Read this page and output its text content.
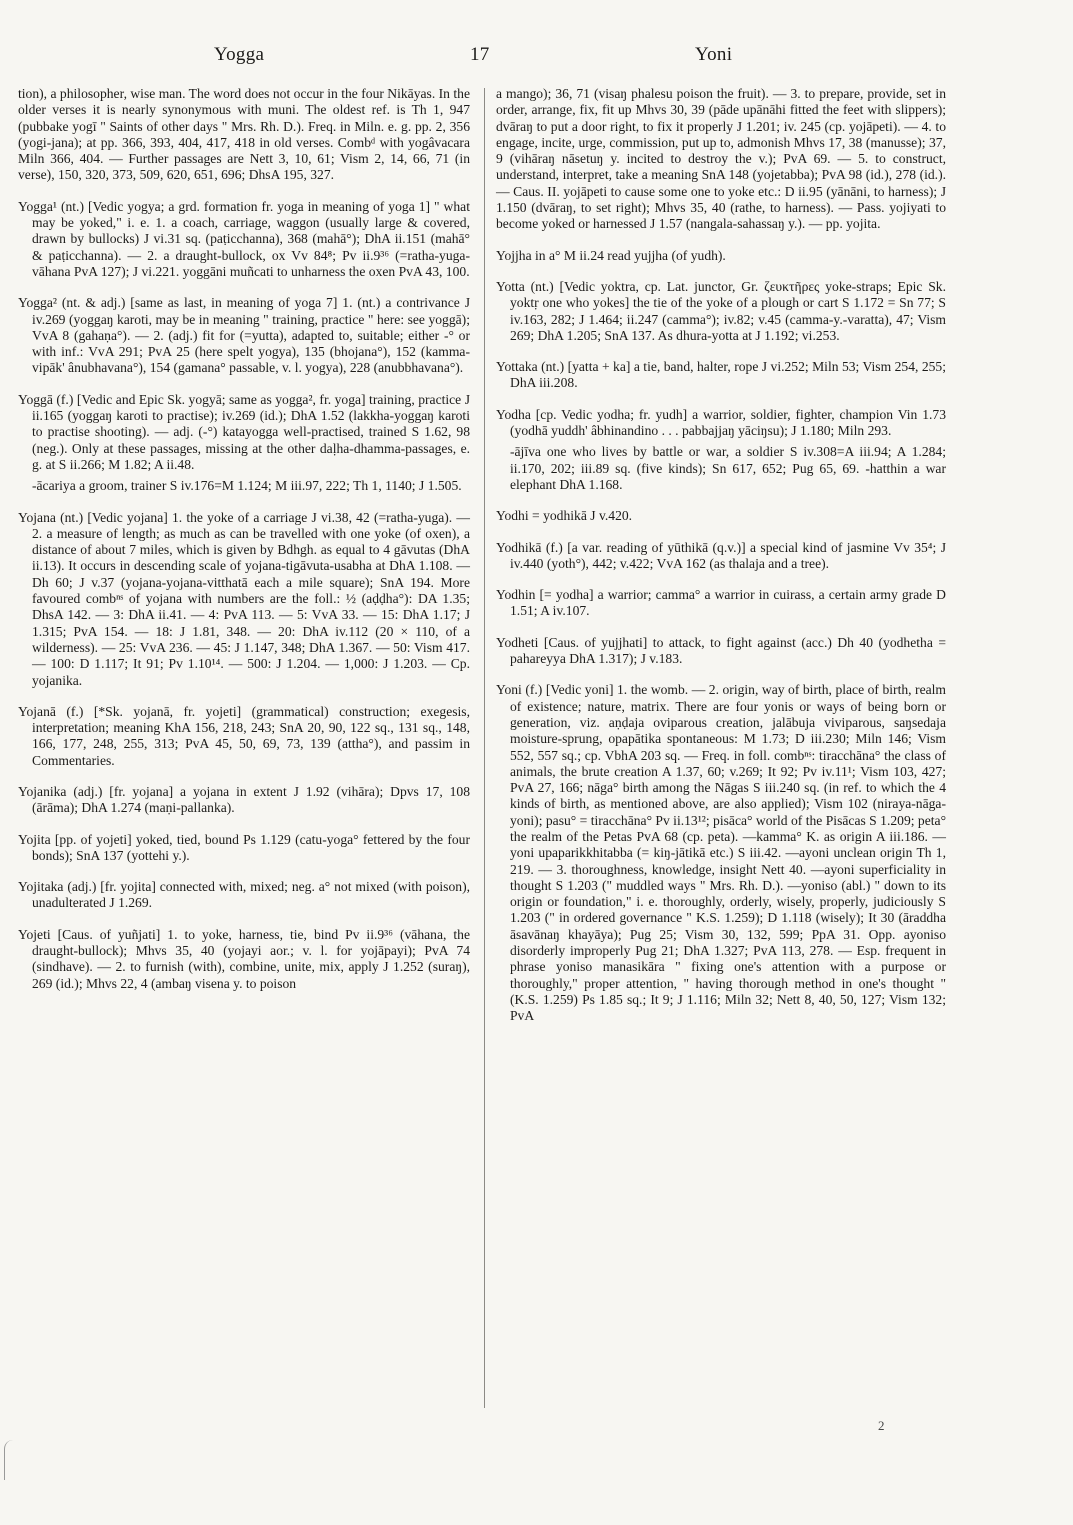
Yogga	17	Yoni

tion), a philosopher, wise man. The word does not occur in the four Nikāyas. In the older verses it is nearly synonymous with muni. The oldest ref. is Th 1, 947 (pubbake yogī " Saints of other days " Mrs. Rh. D.). Freq. in Miln. e. g. pp. 2, 356 (yogi-jana); at pp. 366, 393, 404, 417, 418 in old verses. Combᵈ with yogâvacara Miln 366, 404. — Further passages are Nett 3, 10, 61; Vism 2, 14, 66, 71 (in verse), 150, 320, 373, 509, 620, 651, 696; DhsA 195, 327.

Yogga¹ (nt.) [Vedic yogya; a grd. formation fr. yoga in meaning of yoga 1] " what may be yoked," i. e. 1. a coach, carriage, waggon (usually large & covered, drawn by bullocks) J vi.31 sq. (paṭicchanna), 368 (mahā°); DhA ii.151 (mahā° & paṭicchanna). — 2. a draught-bullock, ox Vv 84⁸; Pv ii.9³⁶ (=ratha-yuga-vāhana PvA 127); J vi.221. yoggāni muñcati to unharness the oxen PvA 43, 100.

Yogga² (nt. & adj.) [same as last, in meaning of yoga 7] 1. (nt.) a contrivance J iv.269 (yoggaŋ karoti, may be in meaning " training, practice " here: see yoggā); VvA 8 (gahaṇa°). — 2. (adj.) fit for (=yutta), adapted to, suitable; either -° or with inf.: VvA 291; PvA 25 (here spelt yogya), 135 (bhojana°), 152 (kamma-vipāk' ânubhavana°), 154 (gamana° passable, v. l. yogya), 228 (anubbhavana°).

Yoggā (f.) [Vedic and Epic Sk. yogyā; same as yogga², fr. yoga] training, practice J ii.165 (yoggaŋ karoti to practise); iv.269 (id.); DhA 1.52 (lakkha-yoggaŋ karoti to practise shooting). — adj. (-°) katayogga well-practised, trained S 1.62, 98 (neg.). Only at these passages, missing at the other daḷha-dhamma-passages, e. g. at S ii.266; M 1.82; A ii.48.

-ācariya a groom, trainer S iv.176=M 1.124; M iii.97, 222; Th 1, 1140; J 1.505.

Yojana (nt.) [Vedic yojana] 1. the yoke of a carriage J vi.38, 42 (=ratha-yuga). — 2. a measure of length; as much as can be travelled with one yoke (of oxen), a distance of about 7 miles, which is given by Bdhgh. as equal to 4 gāvutas (DhA ii.13). It occurs in descending scale of yojana-tigāvuta-usabha at DhA 1.108. — Dh 60; J v.37 (yojana-yojana-vitthatā each a mile square); SnA 194. More favoured combⁿˢ of yojana with numbers are the foll.: ½ (aḍḍha°): DA 1.35; DhsA 142. — 3: DhA ii.41. — 4: PvA 113. — 5: VvA 33. — 15: DhA 1.17; J 1.315; PvA 154. — 18: J 1.81, 348. — 20: DhA iv.112 (20 × 110, of a wilderness). — 25: VvA 236. — 45: J 1.147, 348; DhA 1.367. — 50: Vism 417. — 100: D 1.117; It 91; Pv 1.10¹⁴. — 500: J 1.204. — 1,000: J 1.203. — Cp. yojanika.

Yojanā (f.) [*Sk. yojanā, fr. yojeti] (grammatical) construction; exegesis, interpretation; meaning KhA 156, 218, 243; SnA 20, 90, 122 sq., 131 sq., 148, 166, 177, 248, 255, 313; PvA 45, 50, 69, 73, 139 (attha°), and passim in Commentaries.

Yojanika (adj.) [fr. yojana] a yojana in extent J 1.92 (vihāra); Dpvs 17, 108 (ārāma); DhA 1.274 (maṇi-pallanka).

Yojita [pp. of yojeti] yoked, tied, bound Ps 1.129 (catu-yoga° fettered by the four bonds); SnA 137 (yottehi y.).

Yojitaka (adj.) [fr. yojita] connected with, mixed; neg. a° not mixed (with poison), unadulterated J 1.269.

Yojeti [Caus. of yuñjati] 1. to yoke, harness, tie, bind Pv ii.9³⁶ (vāhana, the draught-bullock); Mhvs 35, 40 (yojayi aor.; v. l. for yojāpayi); PvA 74 (sindhave). — 2. to furnish (with), combine, unite, mix, apply J 1.252 (suraŋ), 269 (id.); Mhvs 22, 4 (ambaŋ visena y. to poison

a mango); 36, 71 (visaŋ phalesu poison the fruit). — 3. to prepare, provide, set in order, arrange, fix, fit up Mhvs 30, 39 (pāde upānāhi fitted the feet with slippers); dvāraŋ to put a door right, to fix it properly J 1.201; iv. 245 (cp. yojāpeti). — 4. to engage, incite, urge, commission, put up to, admonish Mhvs 17, 38 (manusse); 37, 9 (vihāraŋ nāsetuŋ y. incited to destroy the v.); PvA 69. — 5. to construct, understand, interpret, take a meaning SnA 148 (yojetabba); PvA 98 (id.), 278 (id.). — Caus. II. yojāpeti to cause some one to yoke etc.: D ii.95 (yānāni, to harness); J 1.150 (dvāraŋ, to set right); Mhvs 35, 40 (rathe, to harness). — Pass. yojiyati to become yoked or harnessed J 1.57 (nangala-sahassaŋ y.). — pp. yojita.

Yojjha in a° M ii.24 read yujjha (of yudh).

Yotta (nt.) [Vedic yoktra, cp. Lat. junctor, Gr. ζευκτῆρες yoke-straps; Epic Sk. yoktṛ one who yokes] the tie of the yoke of a plough or cart S 1.172 = Sn 77; S iv.163, 282; J 1.464; ii.247 (camma°); iv.82; v.45 (camma-y.-varatta), 47; Vism 269; DhA 1.205; SnA 137. As dhura-yotta at J 1.192; vi.253.

Yottaka (nt.) [yatta + ka] a tie, band, halter, rope J vi.252; Miln 53; Vism 254, 255; DhA iii.208.

Yodha [cp. Vedic yodha; fr. yudh] a warrior, soldier, fighter, champion Vin 1.73 (yodhā yuddh' âbhinandino . . . pabbajjaŋ yāciŋsu); J 1.180; Miln 293.

-ājīva one who lives by battle or war, a soldier S iv.308=A iii.94; A 1.284; ii.170, 202; iii.89 sq. (five kinds); Sn 617, 652; Pug 65, 69. -hatthin a war elephant DhA 1.168.

Yodhi = yodhikā J v.420.

Yodhikā (f.) [a var. reading of yūthikā (q.v.)] a special kind of jasmine Vv 35⁴; J iv.440 (yoth°), 442; v.422; VvA 162 (as thalaja and a tree).

Yodhin [= yodha] a warrior; camma° a warrior in cuirass, a certain army grade D 1.51; A iv.107.

Yodheti [Caus. of yujjhati] to attack, to fight against (acc.) Dh 40 (yodhetha = pahareyya DhA 1.317); J v.183.

Yoni (f.) [Vedic yoni] 1. the womb. — 2. origin, way of birth, place of birth, realm of existence; nature, matrix. There are four yonis or ways of being born or generation, viz. aṇḍaja oviparous creation, jalābuja viviparous, saŋsedaja moisture-sprung, opapātika spontaneous: M 1.73; D iii.230; Miln 146; Vism 552, 557 sq.; cp. VbhA 203 sq. — Freq. in foll. combⁿˢ: tiracchāna° the class of animals, the brute creation A 1.37, 60; v.269; It 92; Pv iv.11¹; Vism 103, 427; PvA 27, 166; nāga° birth among the Nāgas S iii.240 sq. (in ref. to which the 4 kinds of birth, as mentioned above, are also applied); Vism 102 (niraya-nāga-yoni); pasu° = tiracchāna° Pv ii.13¹²; pisāca° world of the Pisācas S 1.209; peta° the realm of the Petas PvA 68 (cp. peta). —kamma° K. as origin A iii.186. — yoni upaparikkhitabba (= kiŋ-jātikā etc.) S iii.42. —ayoni unclean origin Th 1, 219. — 3. thoroughness, knowledge, insight Nett 40. —ayoni superficiality in thought S 1.203 (" muddled ways " Mrs. Rh. D.). —yoniso (abl.) " down to its origin or foundation," i. e. thoroughly, orderly, wisely, properly, judiciously S 1.203 (" in ordered governance " K.S. 1.259); D 1.118 (wisely); It 30 (āraddha āsavānaŋ khayāya); Pug 25; Vism 30, 132, 599; PpA 31. Opp. ayoniso disorderly improperly Pug 21; DhA 1.327; PvA 113, 278. — Esp. frequent in phrase yoniso manasikāra " fixing one's attention with a purpose or thoroughly," proper attention, " having thorough method in one's thought " (K.S. 1.259) Ps 1.85 sq.; It 9; J 1.116; Miln 32; Nett 8, 40, 50, 127; Vism 132; PvA

2
